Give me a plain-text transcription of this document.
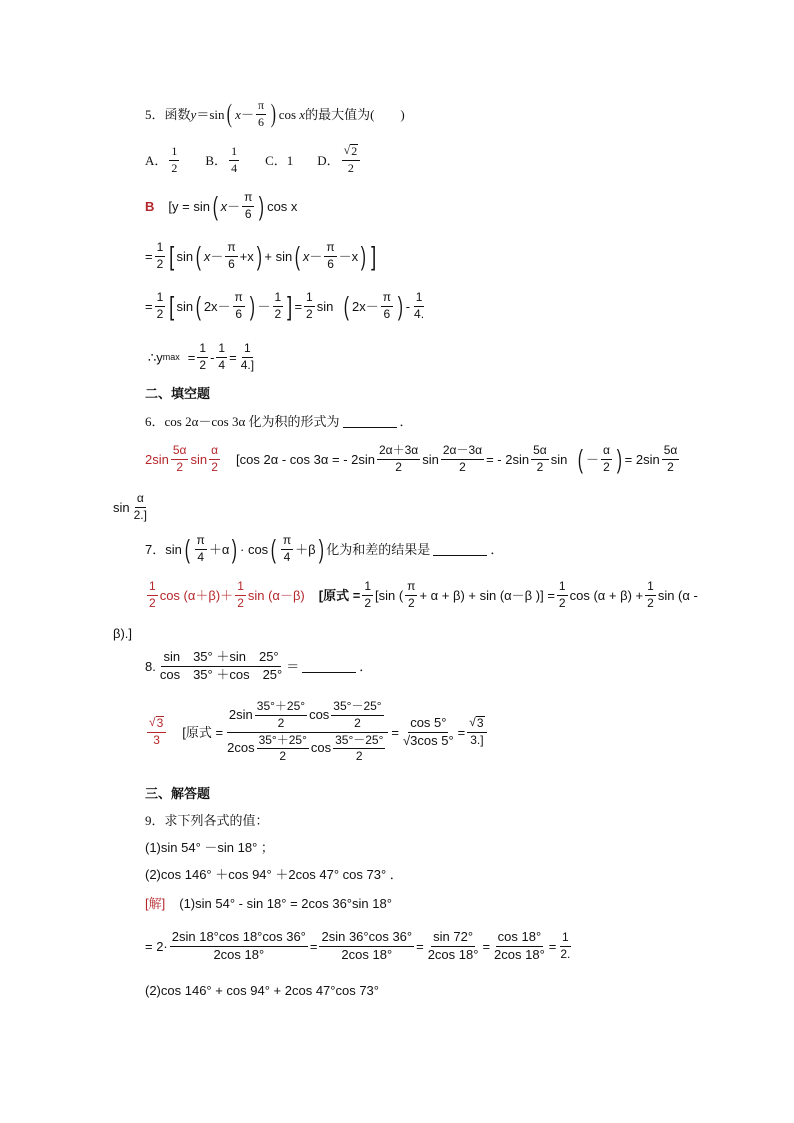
5． 函数 y ＝sin ( $x - \frac{\pi}{6}$ ) cos
x 的最大值为(　　)
A． $\frac{1}{2}$ B． $\frac{1}{4}$ C．1 D． $\frac{√ 2}{2}$
B [y = sin ( $x - \frac{\pi}{6}$ ) cos x
= $\frac{1}{2}$ [ sin ( $x - \frac{\pi}{6} +x$ ) + sin ( $x - \frac{\pi}{6} -x$ ) ]
= $\frac{1}{2}$ [ sin ( $2x- \frac{\pi}{6}$ ) － $\frac{1}{2}$ ] = $\frac{1}{2}$ sin ( $2x- \frac{\pi}{6}$ ) - $\frac{1}{4.}$
∴y $\max = \frac{1}{2} - \frac{1}{4} = \frac{1}{4.]}$
二、填空题
6． cos 2α－cos 3α 化为积的形式为	．
$2\sin \frac{5\alpha}{2}$ $\sin \frac{\alpha}{2} [\cos$ 2α - cos 3α = - $2\sin \frac{2\alpha+3\alpha}{2}$ $\sin \frac{2\alpha-3\alpha}{2}$ = - $2\sin \frac{5\alpha}{2}$ sin ( － $\frac{\alpha}{2}$ ) = $2\sin \frac{5\alpha}{2}$
$\sin \frac{\alpha}{2.]}$
7． sin ( $\frac{\pi}{4} +\alpha$ ) · cos ( $\frac{\pi}{4} +\beta$ ) 化为和差的结果是	．
$\frac{1}{2}$ $\cos (\alpha+\beta)+ \frac{1}{2}$ sin (α－β) [原式 = $\frac{1}{2} [\sin$ ( $\frac{\pi}{2} + \alpha + \beta) + \sin (\alpha-\beta$ )] = $\frac{1}{2}$ $\cos (\alpha + \beta) + \frac{1}{2}$ sin (α -
β).]
8. $\frac{\sin 35^\circ +\sin 25^\circ}{\cos 35^\circ +\cos 25^\circ}$ ＝	．
$\frac{√ 3}{3}$ [原式 = $\frac{2\sin \frac{35^\circ+25^\circ}{2} \cos \frac{35^\circ-25^\circ}{2}}{2\cos \frac{35^\circ+25^\circ}{2} \cos \frac{35^\circ-25^\circ}{2}} = \frac{\cos 5^\circ}{√ 3\cos 5^\circ} = \frac{√ 3}{3.]}$
三、解答题
9．求下列各式的值：
(1)sin 54° －sin 18° ；
(2)cos 146° ＋cos 94° ＋2cos 47° cos 73° ．
[解] (1)sin 54° - sin 18° = 2cos 36°sin 18°
= $2\cdot \frac{2\sin 18^\circ\cos 18^\circ\cos 36^\circ}{2\cos 18^\circ} = \frac{2\sin 36^\circ\cos 36^\circ}{2\cos 18^\circ} = \frac{\sin 72^\circ}{2\cos 18^\circ} = \frac{\cos 18^\circ}{2\cos 18^\circ} = \frac{1}{2.}$
(2)cos 146° + cos 94° + 2cos 47°cos 73°
